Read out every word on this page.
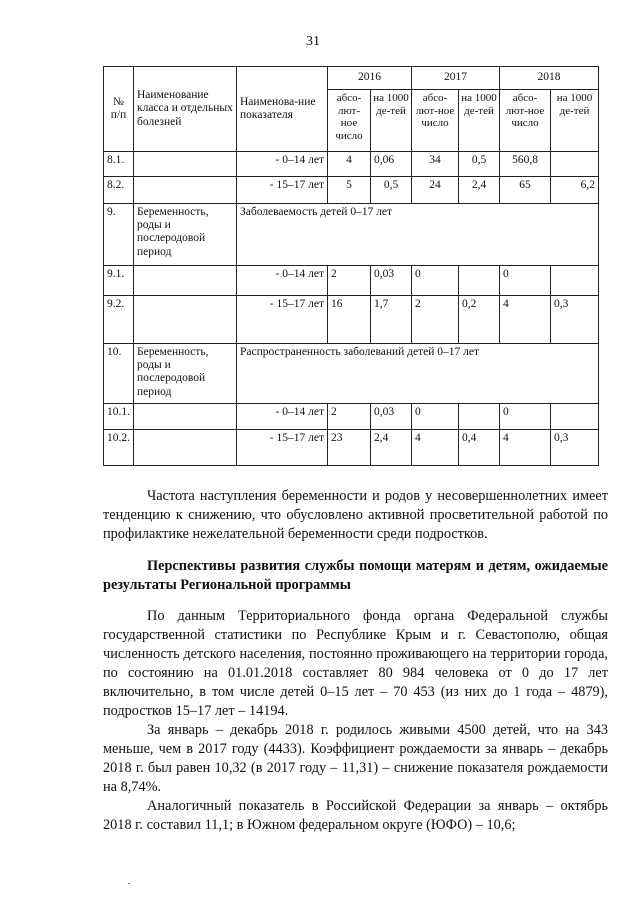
31
№ п/п	Наименование класса и отдельных болезней	Наименова-ние показателя	2016		2017		2018	
			абсо-лют-ное число	на 1000 де-тей	абсо-лют-ное число	на 1000 де-тей	абсо-лют-ное число	на 1000 де-тей
8.1.		- 0–14 лет	4	0,06	34	0,5	560,8	
8.2.		- 15–17 лет	5	0,5	24	2,4	65	6,2
9.	Беременность, роды и послеродовой период	Заболеваемость детей 0–17 лет						
9.1.		- 0–14 лет	2	0,03	0		0	
9.2.		- 15–17 лет	16	1,7	2	0,2	4	0,3
10.	Беременность, роды и послеродовой период	Распространенность заболеваний детей 0–17 лет						
10.1.		- 0–14 лет	2	0,03	0		0	
10.2.		- 15–17 лет	23	2,4	4	0,4	4	0,3

Частота наступления беременности и родов у несовершеннолетних имеет тенденцию к снижению, что обусловлено активной просветительной работой по профилактике нежелательной беременности среди подростков.

Перспективы развития службы помощи матерям и детям, ожидаемые результаты Региональной программы

По данным Территориального фонда органа Федеральной службы государственной статистики по Республике Крым и г. Севастополю, общая численность детского населения, постоянно проживающего на территории города, по состоянию на 01.01.2018 составляет 80 984 человека от 0 до 17 лет включительно, в том числе детей 0–15 лет – 70 453 (из них до 1 года – 4879), подростков 15–17 лет – 14194.

За январь – декабрь 2018 г. родилось живыми 4500 детей, что на 343 меньше, чем в 2017 году (4433). Коэффициент рождаемости за январь – декабрь 2018 г. был равен 10,32 (в 2017 году – 11,31) – снижение показателя рождаемости на 8,74%.

Аналогичный показатель в Российской Федерации за январь – октябрь 2018 г. составил 11,1; в Южном федеральном округе (ЮФО) – 10,6;
